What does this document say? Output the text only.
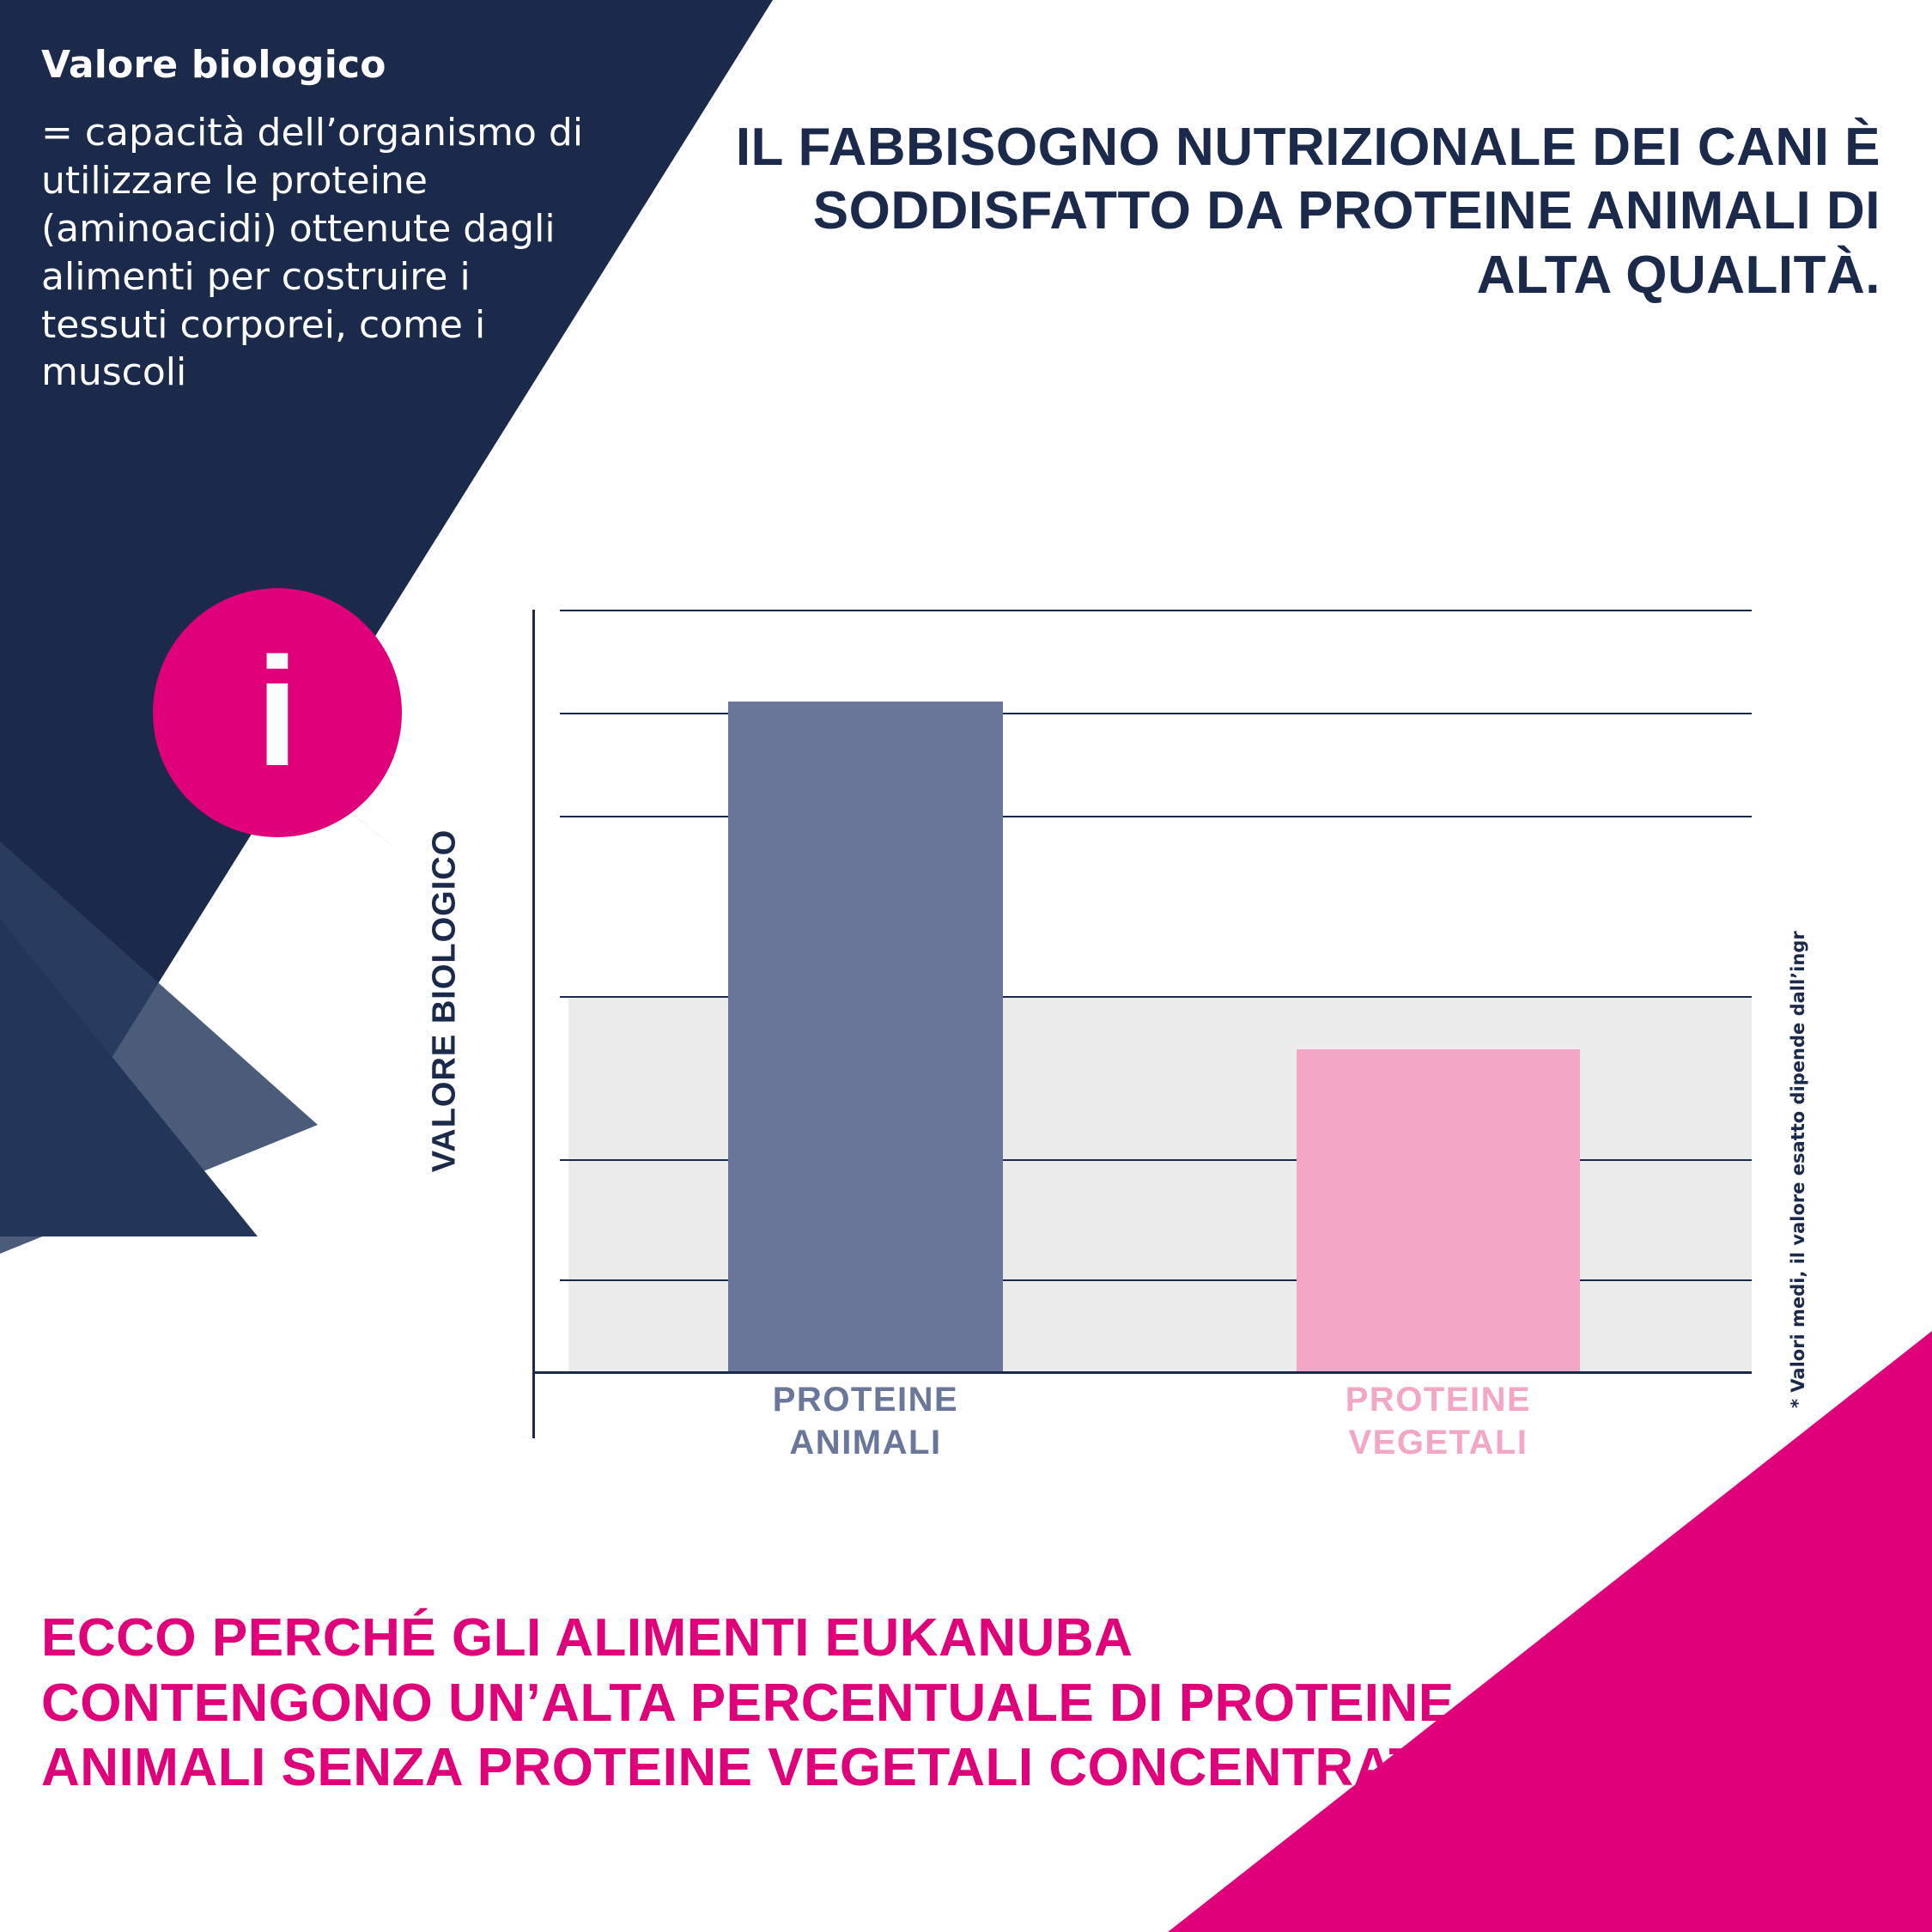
Valore biologico
= capacità dell’organismo di utilizzare le proteine (aminoacidi) ottenute dagli alimenti per costruire i tessuti corporei, come i muscoli
i
IL FABBISOGNO NUTRIZIONALE DEI CANI È SODDISFATTO DA PROTEINE ANIMALI DI ALTA QUALITÀ.
VALORE BIOLOGICO
PROTEINE ANIMALI
PROTEINE VEGETALI
* Valori medi, il valore esatto dipende dall’ingr
ECCO PERCHÉ GLI ALIMENTI EUKANUBA CONTENGONO UN’ALTA PERCENTUALE DI PROTEINE ANIMALI SENZA PROTEINE VEGETALI CONCENTRATE.
